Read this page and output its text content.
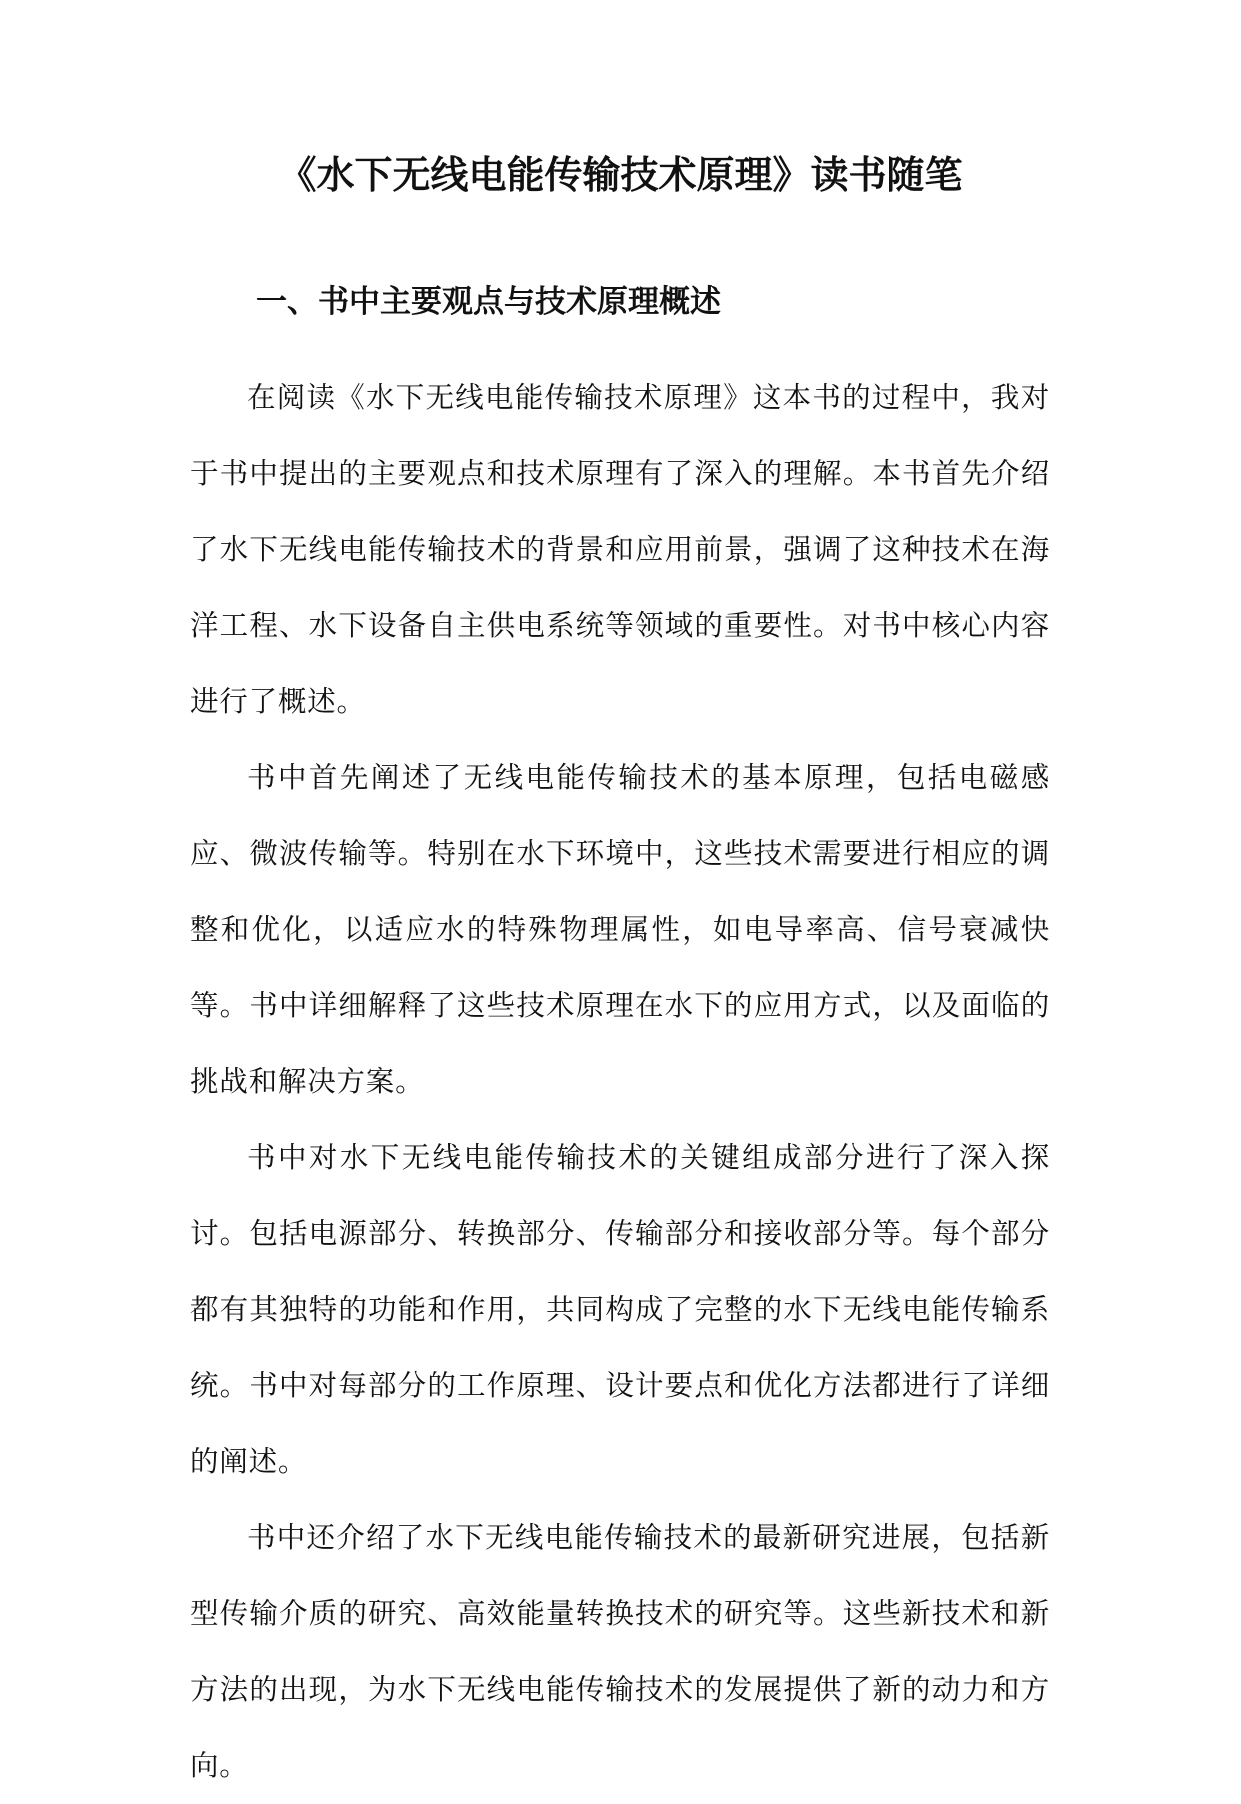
《水下无线电能传输技术原理》读书随笔
一、书中主要观点与技术原理概述

在阅读《水下无线电能传输技术原理》这本书的过程中，我对于书中提出的主要观点和技术原理有了深入的理解。本书首先介绍了水下无线电能传输技术的背景和应用前景，强调了这种技术在海洋工程、水下设备自主供电系统等领域的重要性。对书中核心内容进行了概述。

书中首先阐述了无线电能传输技术的基本原理，包括电磁感应、微波传输等。特别在水下环境中，这些技术需要进行相应的调整和优化，以适应水的特殊物理属性，如电导率高、信号衰减快等。书中详细解释了这些技术原理在水下的应用方式，以及面临的挑战和解决方案。

书中对水下无线电能传输技术的关键组成部分进行了深入探讨。包括电源部分、转换部分、传输部分和接收部分等。每个部分都有其独特的功能和作用，共同构成了完整的水下无线电能传输系统。书中对每部分的工作原理、设计要点和优化方法都进行了详细的阐述。

书中还介绍了水下无线电能传输技术的最新研究进展，包括新型传输介质的研究、高效能量转换技术的研究等。这些新技术和新方法的出现，为水下无线电能传输技术的发展提供了新的动力和方向。
